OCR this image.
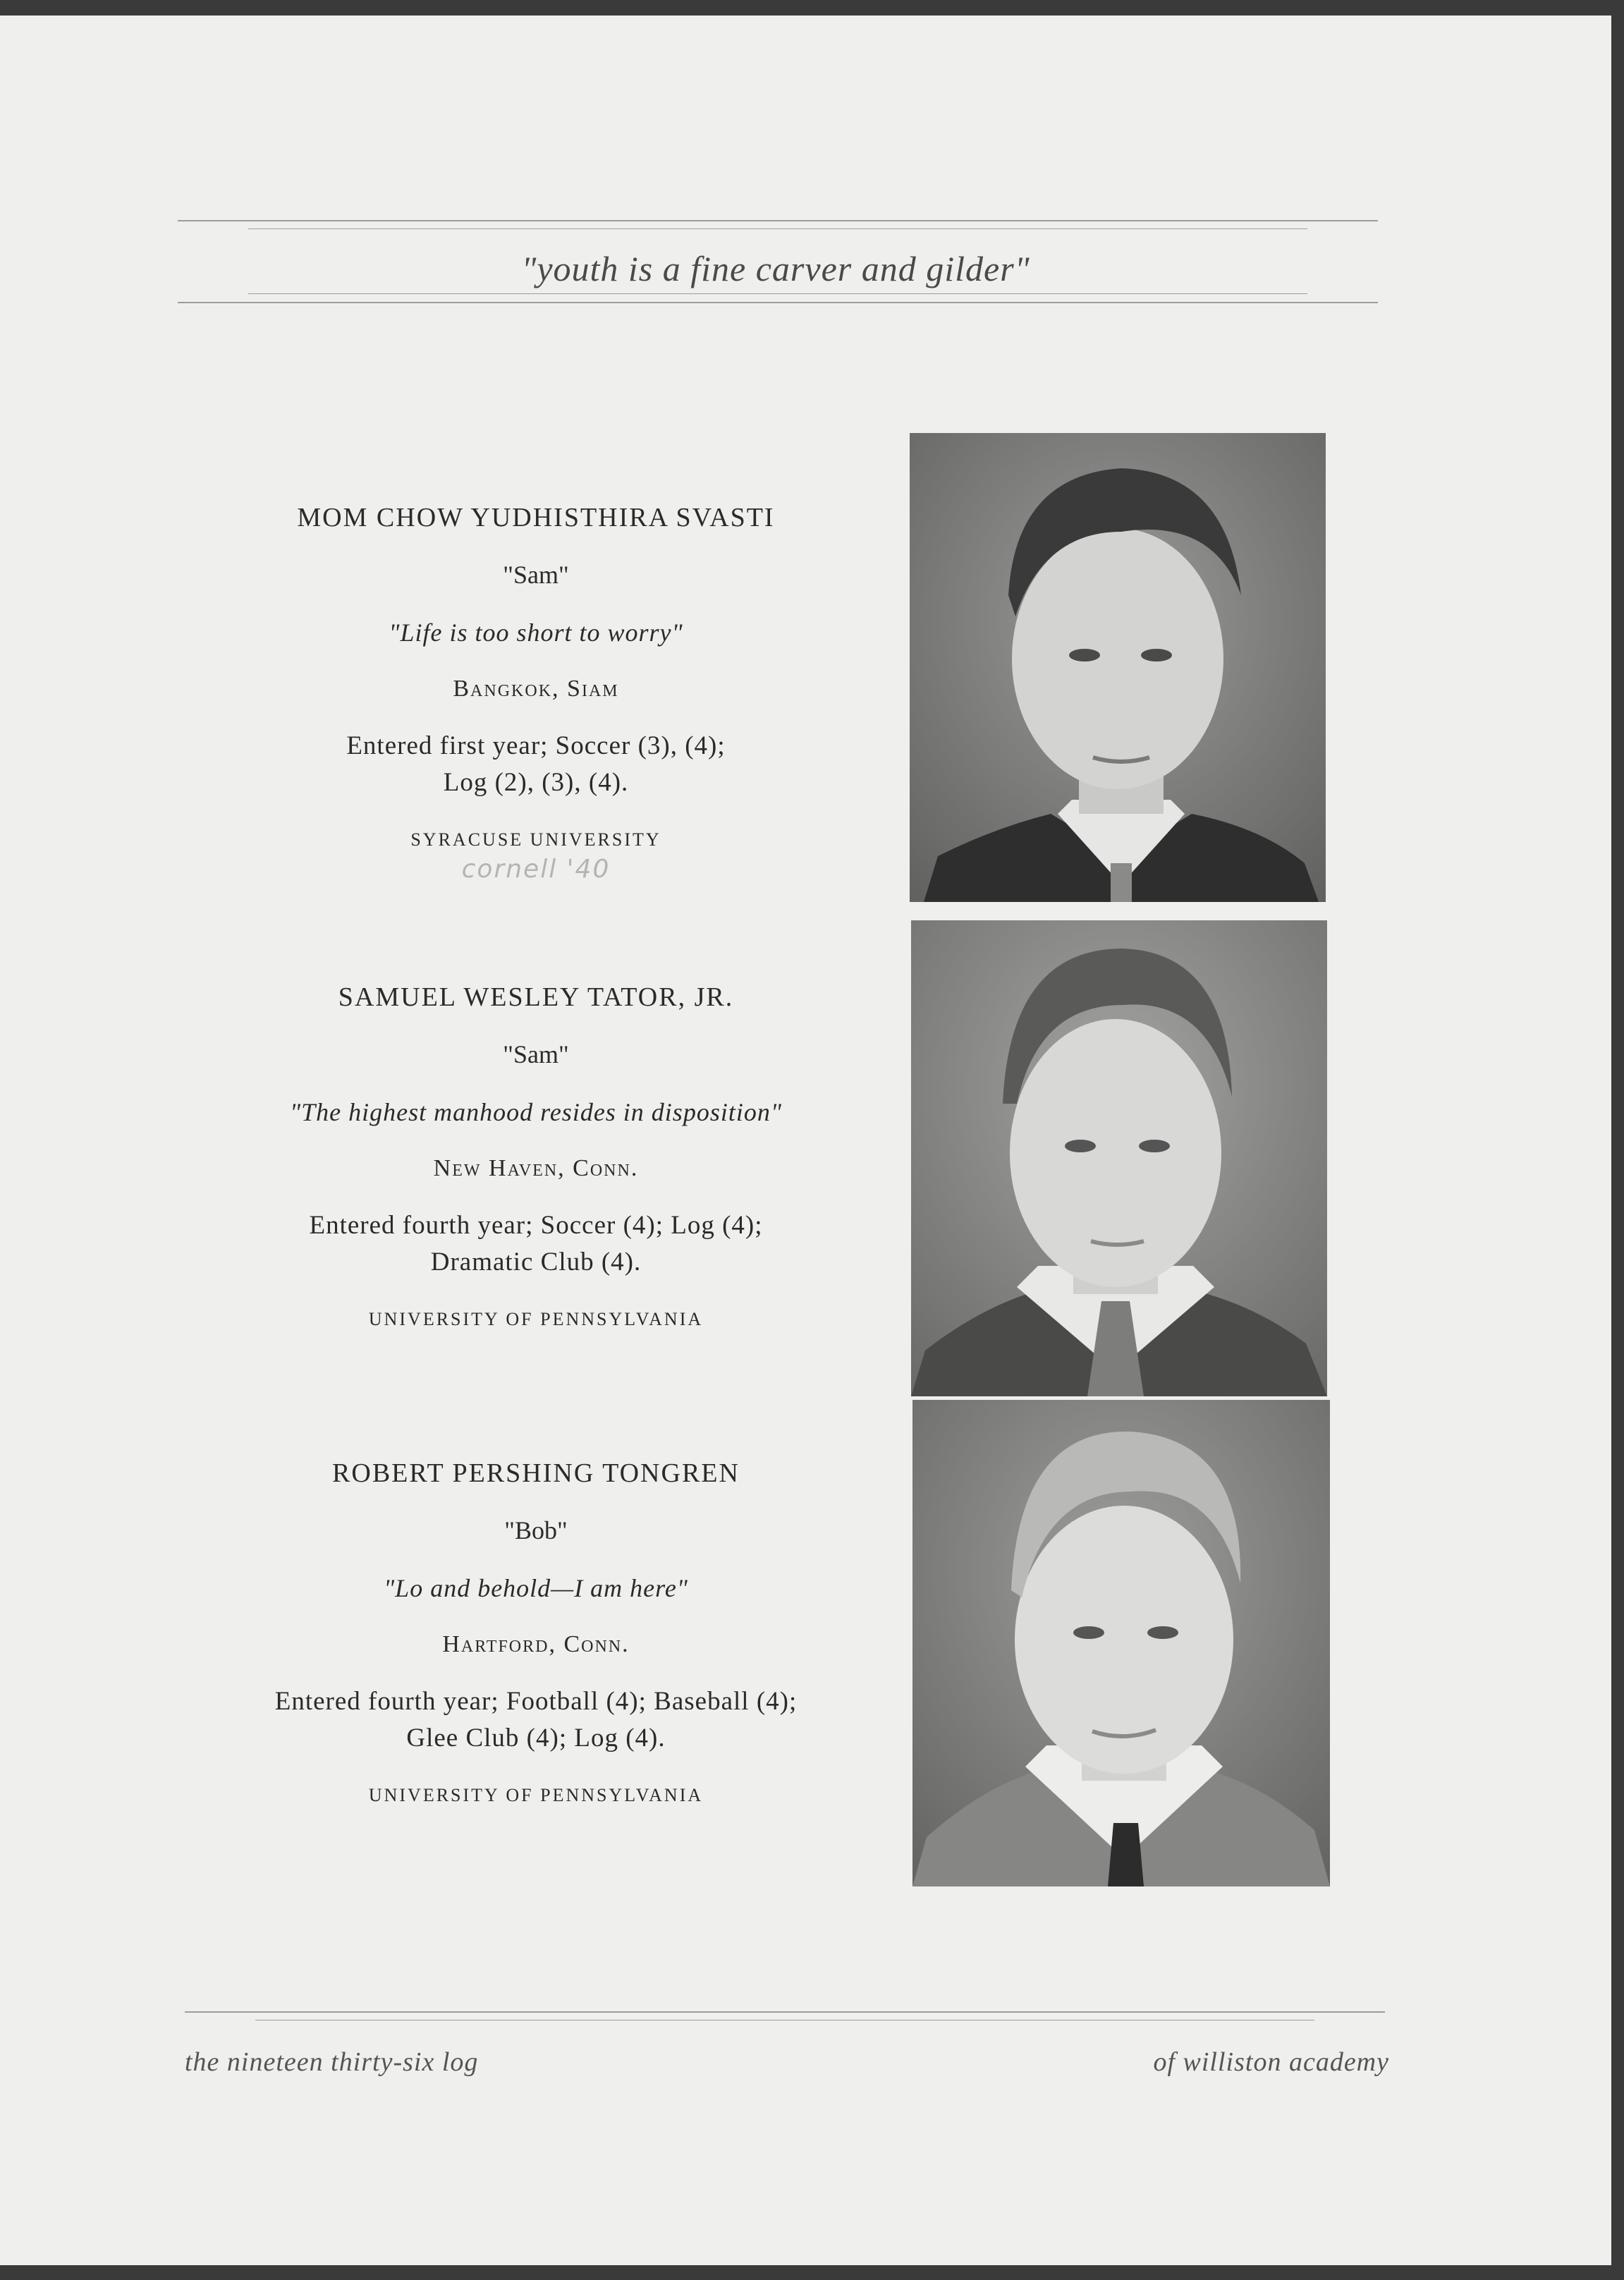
"youth is a fine carver and gilder"
MOM CHOW YUDHISTHIRA SVASTI
"Sam"
"Life is too short to worry"
Bangkok, Siam
Entered first year; Soccer (3), (4);
Log (2), (3), (4).
SYRACUSE UNIVERSITY
cornell '40
SAMUEL WESLEY TATOR, JR.
"Sam"
"The highest manhood resides in disposition"
New Haven, Conn.
Entered fourth year; Soccer (4); Log (4);
Dramatic Club (4).
UNIVERSITY OF PENNSYLVANIA
ROBERT PERSHING TONGREN
"Bob"
"Lo and behold—I am here"
Hartford, Conn.
Entered fourth year; Football (4); Baseball (4);
Glee Club (4); Log (4).
UNIVERSITY OF PENNSYLVANIA
the nineteen thirty-six log	of williston academy
